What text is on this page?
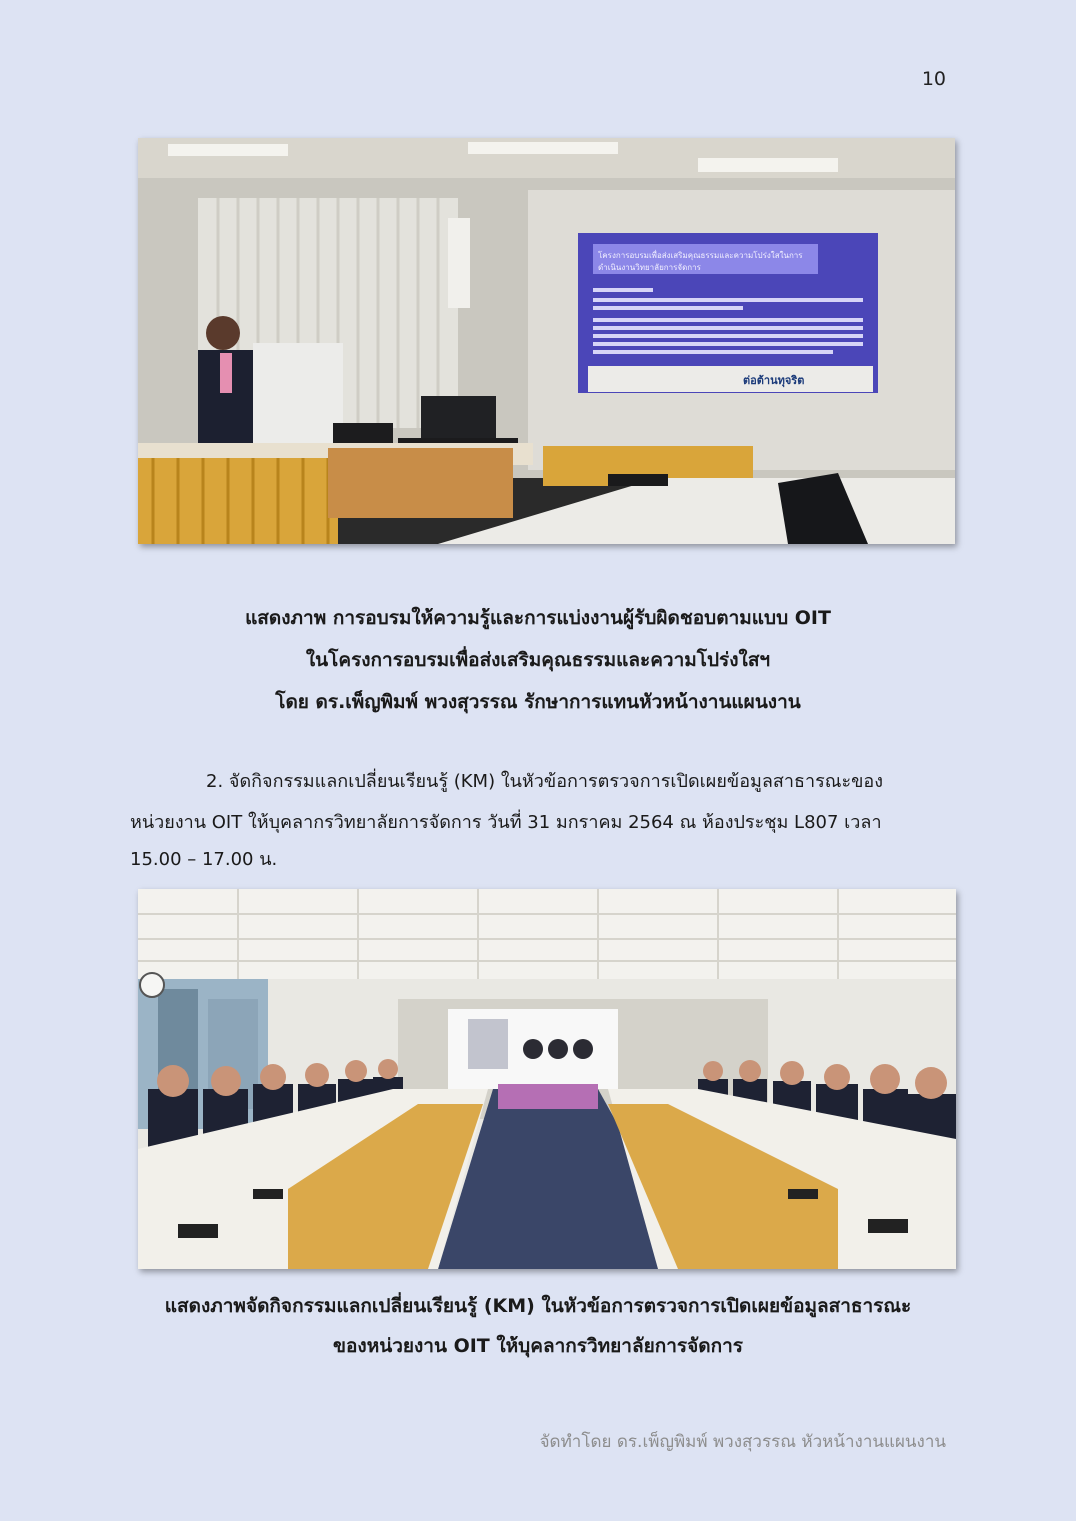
10
โครงการอบรมเพื่อส่งเสริมคุณธรรมและความโปร่งใสในการ
ดำเนินงานวิทยาลัยการจัดการ
ต่อต้านทุจริต
แสดงภาพ การอบรมให้ความรู้และการแบ่งงานผู้รับผิดชอบตามแบบ OIT
ในโครงการอบรมเพื่อส่งเสริมคุณธรรมและความโปร่งใสฯ
โดย ดร.เพ็ญพิมพ์ พวงสุวรรณ รักษาการแทนหัวหน้างานแผนงาน
2. จัดกิจกรรมแลกเปลี่ยนเรียนรู้ (KM) ในหัวข้อการตรวจการเปิดเผยข้อมูลสาธารณะของ
หน่วยงาน OIT ให้บุคลากรวิทยาลัยการจัดการ วันที่ 31 มกราคม 2564 ณ ห้องประชุม L807 เวลา
15.00 – 17.00 น.
แสดงภาพจัดกิจกรรมแลกเปลี่ยนเรียนรู้ (KM) ในหัวข้อการตรวจการเปิดเผยข้อมูลสาธารณะ
ของหน่วยงาน OIT ให้บุคลากรวิทยาลัยการจัดการ
จัดทำโดย ดร.เพ็ญพิมพ์ พวงสุวรรณ หัวหน้างานแผนงาน
